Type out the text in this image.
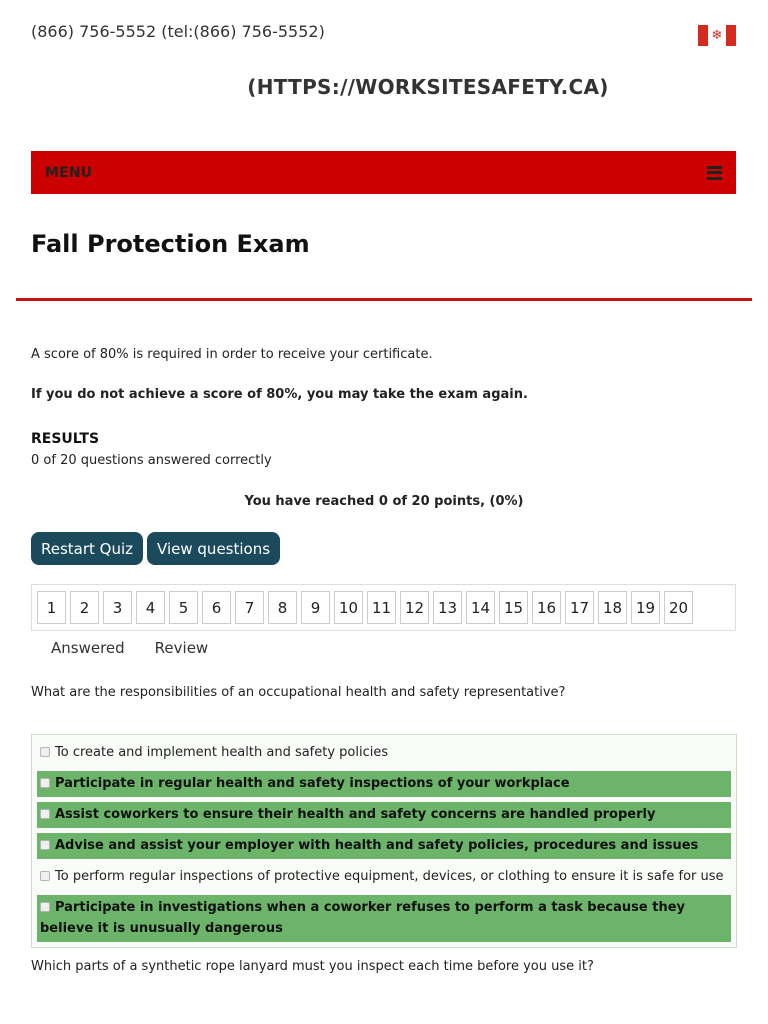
(866) 756-5552 (tel:(866) 756-5552)	❄
(HTTPS://WORKSITESAFETY.CA)
MENU
Fall Protection Exam
A score of 80% is required in order to receive your certificate.
If you do not achieve a score of 80%, you may take the exam again.
RESULTS
0 of 20 questions answered correctly
You have reached 0 of 20 points, (0%)
Restart Quiz	View questions
1	2	3	4	5	6	7	8	9	10 11 12 13 14 15 16 17 18 19 20
Answered Review
What are the responsibilities of an occupational health and safety representative?
To create and implement health and safety policies
Participate in regular health and safety inspections of your workplace
Assist coworkers to ensure their health and safety concerns are handled properly
Advise and assist your employer with health and safety policies, procedures and issues
To perform regular inspections of protective equipment, devices, or clothing to ensure it is safe for use
Participate in investigations when a coworker refuses to perform a task because they believe it is unusually dangerous
Which parts of a synthetic rope lanyard must you inspect each time before you use it?
